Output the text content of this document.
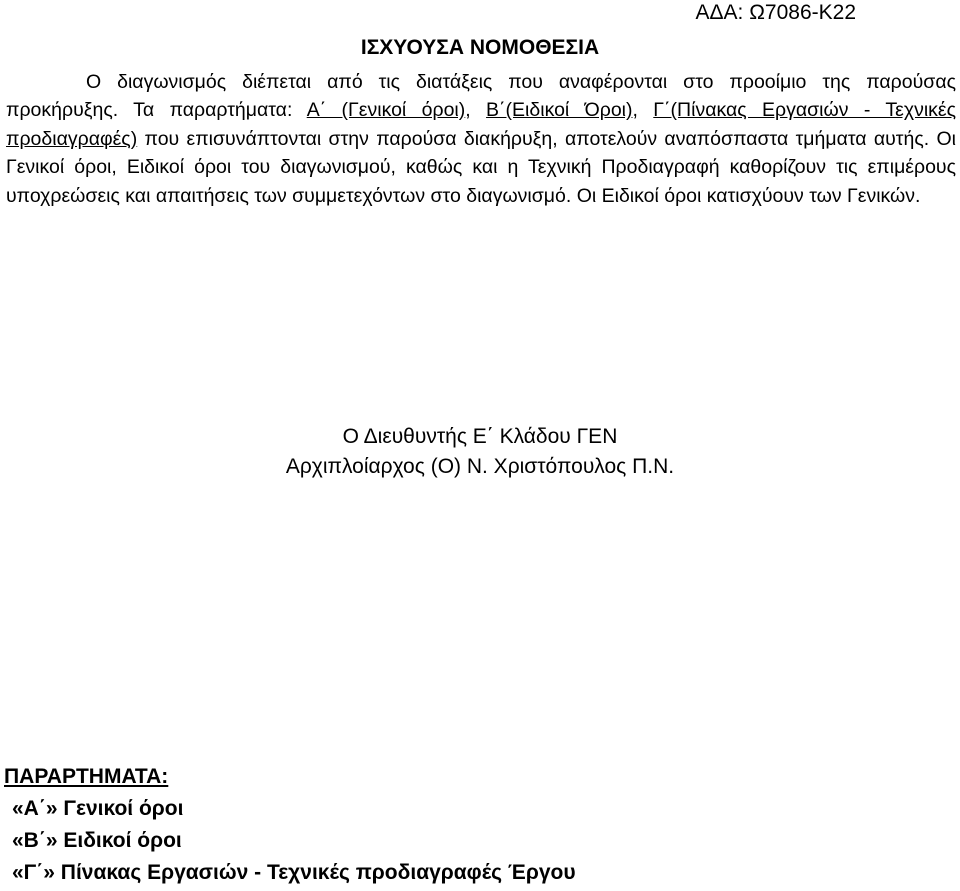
ΑΔΑ: Ω7086-Κ22
ΙΣΧΥΟΥΣΑ ΝΟΜΟΘΕΣΙΑ

Ο διαγωνισμός διέπεται από τις διατάξεις που αναφέρονται στο προοίμιο της παρούσας προκήρυξης. Τα παραρτήματα: Α΄ (Γενικοί όροι), Β΄(Ειδικοί Όροι), Γ΄(Πίνακας Εργασιών - Τεχνικές προδιαγραφές) που επισυνάπτονται στην παρούσα διακήρυξη, αποτελούν αναπόσπαστα τμήματα αυτής. Οι Γενικοί όροι, Ειδικοί όροι του διαγωνισμού, καθώς και η Τεχνική Προδιαγραφή καθορίζουν τις επιμέρους υποχρεώσεις και απαιτήσεις των συμμετεχόντων στο διαγωνισμό. Οι Ειδικοί όροι κατισχύουν των Γενικών.

Ο Διευθυντής Ε΄ Κλάδου ΓΕΝ
Αρχιπλοίαρχος (Ο) Ν. Χριστόπουλος Π.Ν.
ΠΑΡΑΡΤΗΜΑΤΑ:
«Α΄» Γενικοί όροι
«Β΄» Ειδικοί όροι
«Γ΄» Πίνακας Εργασιών - Τεχνικές προδιαγραφές Έργου
